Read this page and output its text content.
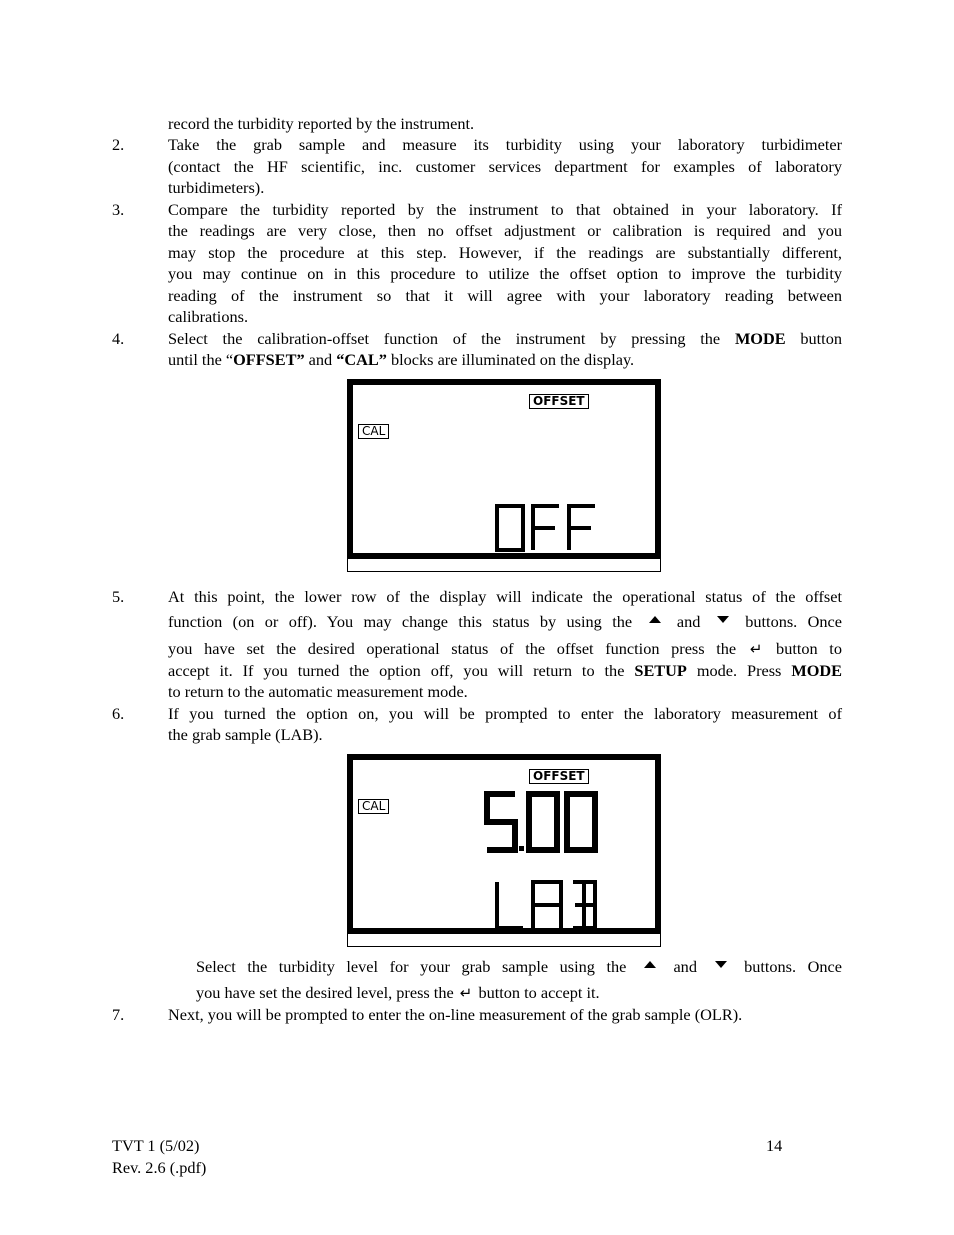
record the turbidity reported by the instrument.
2.	Take the grab sample and measure its turbidity using your laboratory turbidimeter
(contact the HF scientific, inc. customer services department for examples of laboratory
turbidimeters).
3.	Compare the turbidity reported by the instrument to that obtained in your laboratory. If
the readings are very close, then no offset adjustment or calibration is required and you
may stop the procedure at this step. However, if the readings are substantially different,
you may continue on in this procedure to utilize the offset option to improve the turbidity
reading of the instrument so that it will agree with your laboratory reading between
calibrations.
4.	Select the calibration-offset function of the instrument by pressing the MODE button
until the “OFFSET” and “CAL” blocks are illuminated on the display.
OFFSET
CAL
OFF
5.	At this point, the lower row of the display will indicate the operational status of the offset
function (on or off). You may change this status by using the	and	buttons. Once
you have set the desired operational status of the offset function press the ↵ button to
accept it. If you turned the option off, you will return to the SETUP mode. Press MODE
to return to the automatic measurement mode.
6.	If you turned the option on, you will be prompted to enter the laboratory measurement of
the grab sample (LAB).
OFFSET
CAL
5.00
LAB
Select the turbidity level for your grab sample using the	and	buttons. Once
you have set the desired level, press the ↵ button to accept it.
7.	Next, you will be prompted to enter the on-line measurement of the grab sample (OLR).
TVT 1 (5/02)
Rev. 2.6 (.pdf)
14
